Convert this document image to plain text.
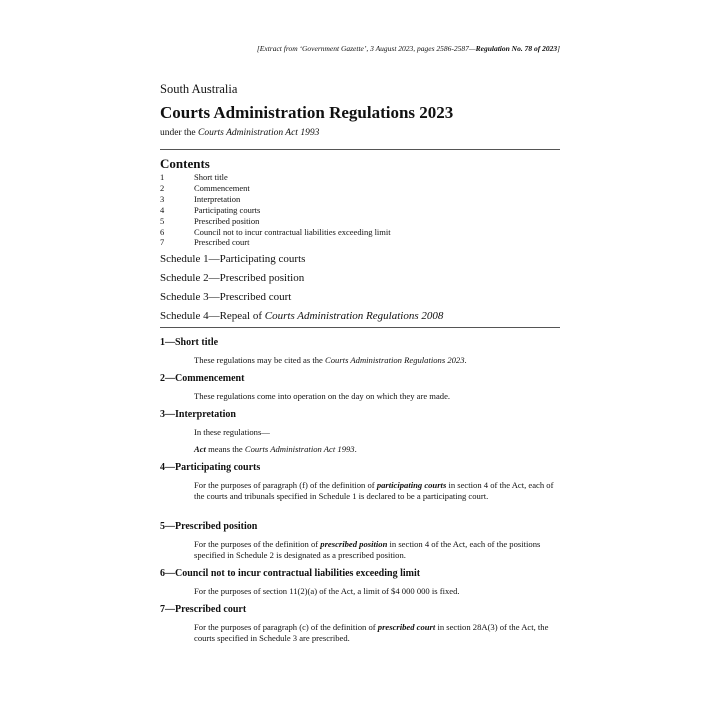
[Extract from ‘Government Gazette’, 3 August 2023, pages 2586-2587—Regulation No. 78 of 2023]
South Australia
Courts Administration Regulations 2023
under the Courts Administration Act 1993
Contents
1	Short title
2	Commencement
3	Interpretation
4	Participating courts
5	Prescribed position
6	Council not to incur contractual liabilities exceeding limit
7	Prescribed court
Schedule 1—Participating courts
Schedule 2—Prescribed position
Schedule 3—Prescribed court
Schedule 4—Repeal of Courts Administration Regulations 2008
1—Short title

These regulations may be cited as the Courts Administration Regulations 2023.

2—Commencement

These regulations come into operation on the day on which they are made.

3—Interpretation

In these regulations—

Act means the Courts Administration Act 1993.

4—Participating courts

For the purposes of paragraph (f) of the definition of participating courts in section 4 of the Act, each of the courts and tribunals specified in Schedule 1 is declared to be a participating court.

5—Prescribed position

For the purposes of the definition of prescribed position in section 4 of the Act, each of the positions specified in Schedule 2 is designated as a prescribed position.

6—Council not to incur contractual liabilities exceeding limit

For the purposes of section 11(2)(a) of the Act, a limit of $4 000 000 is fixed.

7—Prescribed court

For the purposes of paragraph (c) of the definition of prescribed court in section 28A(3) of the Act, the courts specified in Schedule 3 are prescribed.
